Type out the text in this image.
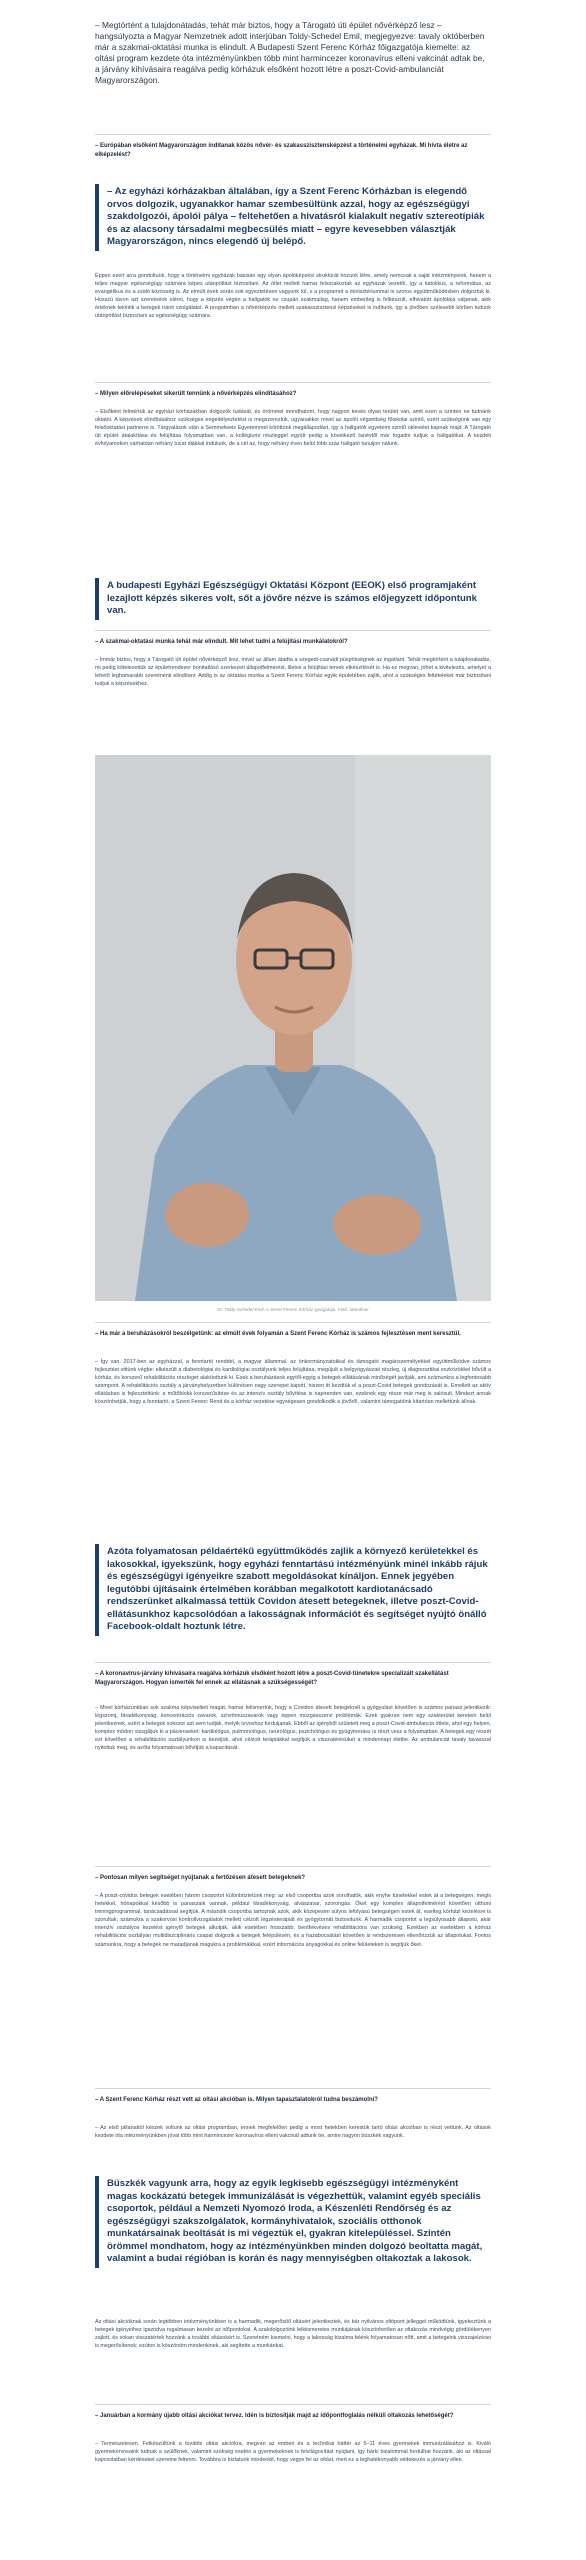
– Megtörtént a tulajdonátadás, tehát már biztos, hogy a Tárogató úti épület nővérképző lesz – hangsúlyozta a Magyar Nemzetnek adott interjúban Toldy-Schedel Emil, megjegyezve: tavaly októberben már a szakmai-oktatási munka is elindult. A Budapesti Szent Ferenc Kórház főigazgatója kiemelte: az oltási program kezdete óta intézményünkben több mint harmincezer koronavírus elleni vakcinát adtak be, a járvány kihívásaira reagálva pedig kórházuk elsőként hozott létre a poszt-Covid-ambulanciát Magyarországon.

– Európában elsőként Magyarországon indítanak közös nővér- és szakasszisztensképzést a történelmi egyházak. Mi hívta életre az elképzelést?

– Az egyházi kórházakban általában, így a Szent Ferenc Kórházban is elegendő orvos dolgozik, ugyanakkor hamar szembesültünk azzal, hogy az egészségügyi szakdolgozói, ápolói pálya – feltehetően a hivatásról kialakult negatív sztereotípiák és az alacsony társadalmi megbecsülés miatt – egyre kevesebben választják Magyarországon, nincs elegendő új belépő.

Éppen ezért arra gondoltunk, hogy a történelmi egyházak bázisán egy olyan ápolóképzési struktúrát hozunk létre, amely nemcsak a saját intézményeink, hanem a teljes magyar egészségügy számára képes utánpótlást biztosítani. Az ötlet mellett hamar felsorakoztak az egyházak vezetői, így a katolikus, a református, az evangélikus és a zsidó közösség is. Az elmúlt évek során sok egyeztetésen vagyunk túl, s a programot a minisztériummal is szoros együttműködésben dolgoztuk ki. Hosszú távon azt szeretnénk elérni, hogy a képzés végén a hallgatók ne csupán szakmailag, hanem emberileg is felkészült, elhivatott ápolókká váljanak, akik értéknek tekintik a betegek iránti szolgálatot. A programban a nővérképzés mellett szakasszisztensi képzéseket is indítunk, így a jövőben szélesebb körben tudunk utánpótlást biztosítani az egészségügy számára.

– Milyen előrelépéseket sikerült tennünk a nővérképzés elindításához?

– Elsőként felmértük az egyházi kórházakban dolgozók tudását, és örömmel mondhatom, hogy nagyon kevés olyan terület van, amit ezen a szinten ne tudnánk oktatni. A képzések elindításához szükséges engedélyeztetést is megszereztük, ugyanakkor mivel az ápolói végzettség főiskolai szintű, ezért szükségünk van egy felsőoktatási partnerre is. Tárgyalások után a Semmelweis Egyetemmel kötöttünk megállapodást, így a hallgatók egyetemi szintű oklevelet kapnak majd. A Tárogató úti épület átalakítása és felújítása folyamatban van, a kollégiumi részleggel együtt pedig a következő tanévtől már fogadni tudjuk a hallgatókat. A kezdeti évfolyamokon várhatóan néhány tucat diákkal indulunk, de a cél az, hogy néhány éven belül több száz hallgató tanuljon nálunk.

A budapesti Egyházi Egészségügyi Oktatási Központ (EEOK) első programjaként lezajlott képzés sikeres volt, sőt a jövőre nézve is számos előjegyzett időpontunk van.

– A szakmai-oktatási munka tehát már elindult. Mit lehet tudni a felújítási munkálatokról?

– Immár biztos, hogy a Tárogató úti épület nővérképző lesz, mivel az állam átadta a szegedi-csanádi püspökségnek az ingatlant. Tehát megtörtént a tulajdonátadás, mi pedig kötelezettük az épületrendezer bonitatlásó szerkezeti állapotfelmérést, illetve a felújítási tervek elkészítését is. Ha ez megvan, jöhet a kivitelezés, amelyet a lehető leghamarabb szeretnénk elindítani. Addig is az oktatási munka a Szent Ferenc Kórház egyik épületében zajlik, ahol a szükséges feltételeket már biztosítani tudjuk a képzésekhez.

Dr. Toldy-Schedel Emil, a Szent Ferenc Kórház igazgatója. Fotó: Mandiner

– Ha már a beruházásokról beszélgetünk: az elmúlt évek folyamán a Szent Ferenc Kórház is számos fejlesztésen ment keresztül.

– Így van. 2017-ben az egyházzal, a fenntartó renddel, a magyar állammal, az önkormányzatokkal és támogató magánszemélyekkel együttműködve számos fejlesztést vittünk végbe: elkészült a diabetológiai és kardiológiai osztályunk teljes felújítása, megújult a belgyógyászati részleg, új diagnosztikai eszközökkel bővült a kórház, és korszerű rehabilitációs részleget alakítottunk ki. Ezek a beruházások egytől-egyig a betegek ellátásának minőségét javítják, ami számunkra a legfontosabb szempont. A rehabilitációs osztály a járványhelyzetben különösen nagy szerepet kapott, hiszen itt kezdtük el a poszt-Covid betegek gondozását is. Emellett az aktív ellátásban is fejlesztettünk: a műtőblokk korszerűsítése és az intenzív osztály bővítése is napirenden van, ezeknek egy része már meg is valósult. Mindezt annak köszönhetjük, hogy a fenntartó, a Szent Ferenc Rend és a kórház vezetése egységesen gondolkodik a jövőről, valamint támogatóink kitartóan mellettünk állnak.

Azóta folyamatosan példaértékű együttműködés zajlik a környező kerületekkel és lakosokkal, igyekszünk, hogy egyházi fenntartású intézményünk minél inkább rájuk és egészségügyi igényeikre szabott megoldásokat kínáljon. Ennek jegyében legutóbbi újításaink értelmében korábban megalkotott kardiotanácsadó rendszerünket alkalmassá tettük Covidon átesett betegeknek, illetve poszt-Covid-ellátásunkhoz kapcsolódóan a lakosságnak információt és segítséget nyújtó önálló Facebook-oldalt hoztunk létre.

– A koronavírus-járvány kihívásaira reagálva kórházuk elsőként hozott létre a poszt-Covid-tünetekre specializált szakellátást Magyarországon. Hogyan ismerték fel ennek az ellátásnak a szükségességét?

– Mivel kórházunkban sok szakma képviselteti magát, hamar felismertük, hogy a Covidon átesett betegeknél a gyógyulást követően is számos panasz jelentkezik: légszomj, fáradékonyság, koncentrációs zavarok, szívritmuszavarok vagy éppen mozgásszervi problémák. Ezek gyakran nem egy szakterület keretein belül jelentkeznek, ezért a betegek sokszor azt sem tudják, melyik orvoshoz forduljanak. Ebből az igényből született meg a poszt-Covid-ambulancia ötlete, ahol egy helyen, komplex módon vizsgáljuk ki a pácienseket: kardiológus, pulmonológus, neurológus, pszichológus és gyógytornász is részt vesz a folyamatban. A betegek egy részét ezt követően a rehabilitációs osztályunkon is kezeljük, ahol célzott terápiákkal segítjük a visszatérésüket a mindennapi életbe. Az ambulanciát tavaly tavasszal nyitottuk meg, és azóta folyamatosan bővítjük a kapacitását.

– Pontosan milyen segítséget nyújtanak a fertőzésen átesett betegeknek?

– A poszt-covidos betegek esetében három csoportot különböztetünk meg: az első csoportba azok sorolhatók, akik enyhe tünetekkel estek át a betegségen, mégis hetekkel, hónapokkal később is panaszaik vannak, például fáradékonyság, alvászavar, szorongás. Őket egy komplex állapotfelmérést követően otthoni tréningprogrammal, tanácsadással segítjük. A második csoportba tartoznak azok, akik közepesen súlyos lefolyású betegségen estek át, esetleg kórházi kezelésre is szorultak; számukra a szakorvosi kontrollvizsgálatok mellett célzott légzésterápiát és gyógytornát biztosítunk. A harmadik csoportot a legsúlyosabb állapotú, akár intenzív osztályos kezelést igénylő betegek alkotják, akik esetében hosszabb, bentfekvéses rehabilitációra van szükség. Ezekben az esetekben a kórház rehabilitációs osztályán multidiszciplináris csapat dolgozik a betegek felépülésén, és a hazabocsátást követően is rendszeresen ellenőrizzük az állapotukat. Fontos számunkra, hogy a betegek ne maradjanak magukra a problémáikkal, ezért információs anyagokkal és online felületeken is segítjük őket.

– A Szent Ferenc Kórház részt vett az oltási akcióban is. Milyen tapasztalatokról tudna beszámolni?

– Az első pillanattól készek voltunk az oltási programban, ennek megfelelően pedig a most hetekben kerestük tartó oltási akcióban is részt vettünk. Az oltások kezdete óta intézményünkben jóval több mint harmincezer koronavírus elleni vakcinát adtunk be, amire nagyon büszkék vagyunk.

Büszkék vagyunk arra, hogy az egyik legkisebb egészségügyi intézményként magas kockázatú betegek immunizálását is végezhettük, valamint egyéb speciális csoportok, például a Nemzeti Nyomozó Iroda, a Készenléti Rendőrség és az egészségügyi szakszolgálatok, kormányhivatalok, szociális otthonok munkatársainak beoltását is mi végeztük el, gyakran kitelepüléssel. Szintén örömmel mondhatom, hogy az intézményünkben minden dolgozó beoltatta magát, valamint a budai régióban is korán és nagy mennyiségben oltakoztak a lakosok.

Az oltási akcióknak során legtöbben intézményünkben is a harmadik, megerősítő oltásért jelentkeztek, és bár nyilvános oltópont jelleggel működtünk, igyekeztünk a betegek igényeihez igazodva rugalmasan kezelni az időpontokat. A szakdolgozóink lelkiismeretes munkájának köszönhetően az oltakozás mindvégig gördülékenyen zajlott, és sokan visszatértek hozzánk a további oltásokért is. Szeretném kiemelni, hogy a lakosság bizalma felénk folyamatosan nőtt, amit a betegeink visszajelzései is megerősítenek; ezúton is köszönöm mindenkinek, aki segítette a munkánkat.

– Januárban a kormány újabb oltási akciókat tervez. Idén is biztosítják majd az időpontfoglalás nélküli oltakozás lehetőségét?

– Természetesen. Felkészültünk a további oltási akciókra, megvan az emberi és a technikai háttér az 5–11 éves gyermekek immunizálásához is. Kiváló gyermekorvosaink tudnak a szülőknek, valamint szükség esetén a gyermekeknek is felvilágosítást nyújtani, így bárki bizalommal fordulhat hozzánk, aki az oltással kapcsolatban kérdéseket szeretne feltenni. Továbbra is biztatunk mindenkit, hogy vegye fel az oltást, mert ez a leghatékonyabb védekezés a járvány ellen.
